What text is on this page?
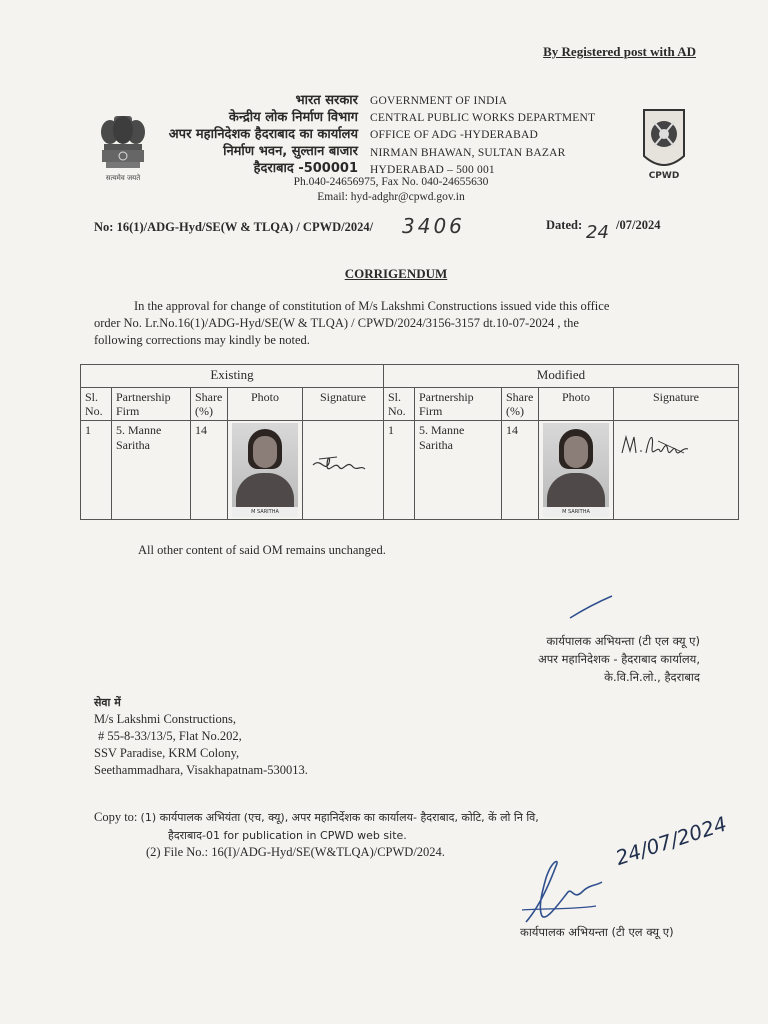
By Registered post with AD
सत्यमेव जयते
भारत सरकार
केन्द्रीय लोक निर्माण विभाग
अपर महानिदेशक हैदराबाद का कार्यालय
निर्माण भवन, सुल्तान बाजार
हैदराबाद -500001
GOVERNMENT OF INDIA
CENTRAL PUBLIC WORKS DEPARTMENT
OFFICE OF ADG -HYDERABAD
NIRMAN BHAWAN, SULTAN BAZAR
HYDERABAD – 500 001
CPWD
Ph.040-24656975, Fax No. 040-24655630
Email: hyd-adghr@cpwd.gov.in
No: 16(1)/ADG-Hyd/SE(W & TLQA) / CPWD/2024/ 3406	Dated: 24 /07/2024
CORRIGENDUM
In the approval for change of constitution of M/s Lakshmi Constructions issued vide this office
order No. Lr.No.16(1)/ADG-Hyd/SE(W & TLQA) / CPWD/2024/3156-3157 dt.10-07-2024 , the
following corrections may kindly be noted.
Existing					Modified				
Sl. No.	Partnership Firm	Share (%)	Photo	Signature	Sl. No.	Partnership Firm	Share (%)	Photo	Signature
1	5. Manne Saritha	14	M SARITHA		1	5. Manne Saritha	14	M SARITHA

All other content of said OM remains unchanged.
कार्यपालक अभियन्ता (टी एल क्यू ए)
अपर महानिदेशक - हैदराबाद कार्यालय,
के.वि.नि.लो., हैदराबाद
सेवा में
M/s Lakshmi Constructions,
# 55-8-33/13/5, Flat No.202,
SSV Paradise, KRM Colony,
Seethammadhara, Visakhapatnam-530013.
Copy to: (1) कार्यपालक अभियंता (एच, क्यू), अपर महानिर्देशक का कार्यालय- हैदराबाद, कोटि, कें लो नि वि,
हैदराबाद-01 for publication in CPWD web site.
(2) File No.: 16(I)/ADG-Hyd/SE(W&TLQA)/CPWD/2024.	24/07/2024
कार्यपालक अभियन्ता (टी एल क्यू ए)
